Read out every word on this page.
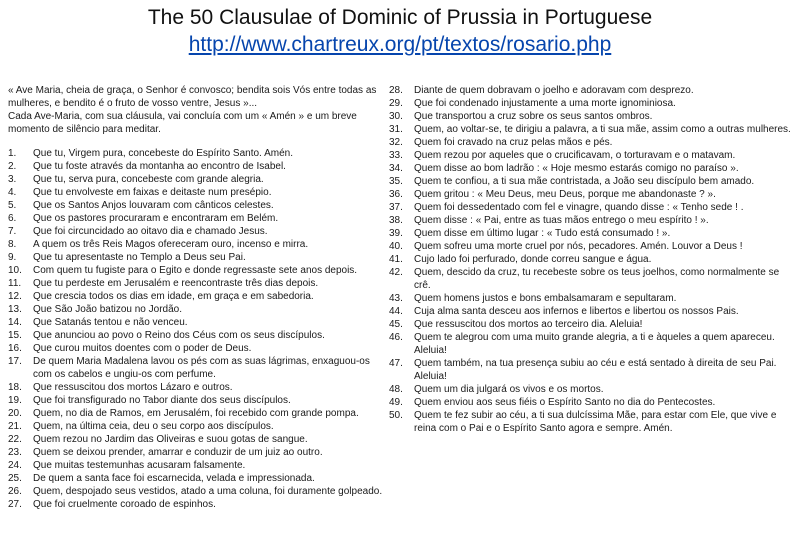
The 50 Clausulae of Dominic of Prussia in Portuguese
http://www.chartreux.org/pt/textos/rosario.php

« Ave Maria, cheia de graça, o Senhor é convosco; bendita sois Vós entre todas as mulheres, e bendito é o fruto de vosso ventre, Jesus »...

Cada Ave-Maria, com sua cláusula, vai concluía com um « Amén » e um breve momento de silêncio para meditar.

1.	Que tu, Virgem pura, concebeste do Espírito Santo. Amén.
2.	Que tu foste através da montanha ao encontro de Isabel.
3.	Que tu, serva pura, concebeste com grande alegria.
4.	Que tu envolveste em faixas e deitaste num presépio.
5.	Que os Santos Anjos louvaram com cânticos celestes.
6.	Que os pastores procuraram e encontraram em Belém.
7.	Que foi circuncidado ao oitavo dia e chamado Jesus.
8.	A quem os três Reis Magos ofereceram ouro, incenso e mirra.
9.	Que tu apresentaste no Templo a Deus seu Pai.
10.	Com quem tu fugiste para o Egito e donde regressaste sete anos depois.
11.	Que tu perdeste em Jerusalém e reencontraste três dias depois.
12.	Que crescia todos os dias em idade, em graça e em sabedoria.
13.	Que São João batizou no Jordão.
14.	Que Satanás tentou e não venceu.
15.	Que anunciou ao povo o Reino dos Céus com os seus discípulos.
16.	Que curou muitos doentes com o poder de Deus.
17.	De quem Maria Madalena lavou os pés com as suas lágrimas, enxaguou-os com os cabelos e ungiu-os com perfume.
18.	Que ressuscitou dos mortos Lázaro e outros.
19.	Que foi transfigurado no Tabor diante dos seus discípulos.
20.	Quem, no dia de Ramos, em Jerusalém, foi recebido com grande pompa.
21.	Quem, na última ceia, deu o seu corpo aos discípulos.
22.	Quem rezou no Jardim das Oliveiras e suou gotas de sangue.
23.	Quem se deixou prender, amarrar e conduzir de um juiz ao outro.
24.	Que muitas testemunhas acusaram falsamente.
25.	De quem a santa face foi escarnecida, velada e impressionada.
26.	Quem, despojado seus vestidos, atado a uma coluna, foi duramente golpeado.
27.	Que foi cruelmente coroado de espinhos.
28.	Diante de quem dobravam o joelho e adoravam com desprezo.
29.	Que foi condenado injustamente a uma morte ignominiosa.
30.	Que transportou a cruz sobre os seus santos ombros.
31.	Quem, ao voltar-se, te dirigiu a palavra, a ti sua mãe, assim como a outras mulheres.
32.	Quem foi cravado na cruz pelas mãos e pés.
33.	Quem rezou por aqueles que o crucificavam, o torturavam e o matavam.
34.	Quem disse ao bom ladrão : « Hoje mesmo estarás comigo no paraíso ».
35.	Quem te confiou, a ti sua mãe contristada, a João seu discípulo bem amado.
36.	Quem gritou : « Meu Deus, meu Deus, porque me abandonaste ? ».
37.	Quem foi dessedentado com fel e vinagre, quando disse : « Tenho sede ! .
38.	Quem disse : « Pai, entre as tuas mãos entrego o meu espírito ! ».
39.	Quem disse em último lugar : « Tudo está consumado ! ».
40.	Quem sofreu uma morte cruel por nós, pecadores. Amén. Louvor a Deus !
41.	Cujo lado foi perfurado, donde correu sangue e água.
42.	Quem, descido da cruz, tu recebeste sobre os teus joelhos, como normalmente se crê.
43.	Quem homens justos e bons embalsamaram e sepultaram.
44.	Cuja alma santa desceu aos infernos e libertos e libertou os nossos Pais.
45.	Que ressuscitou dos mortos ao terceiro dia. Aleluia!
46.	Quem te alegrou com uma muito grande alegria, a ti e àqueles a quem apareceu. Aleluia!
47.	Quem também, na tua presença subiu ao céu e está sentado à direita de seu Pai. Aleluia!
48.	Quem um dia julgará os vivos e os mortos.
49.	Quem enviou aos seus fiéis o Espírito Santo no dia do Pentecostes.
50.	Quem te fez subir ao céu, a ti sua dulcíssima Mãe, para estar com Ele, que vive e reina com o Pai e o Espírito Santo agora e sempre. Amén.
